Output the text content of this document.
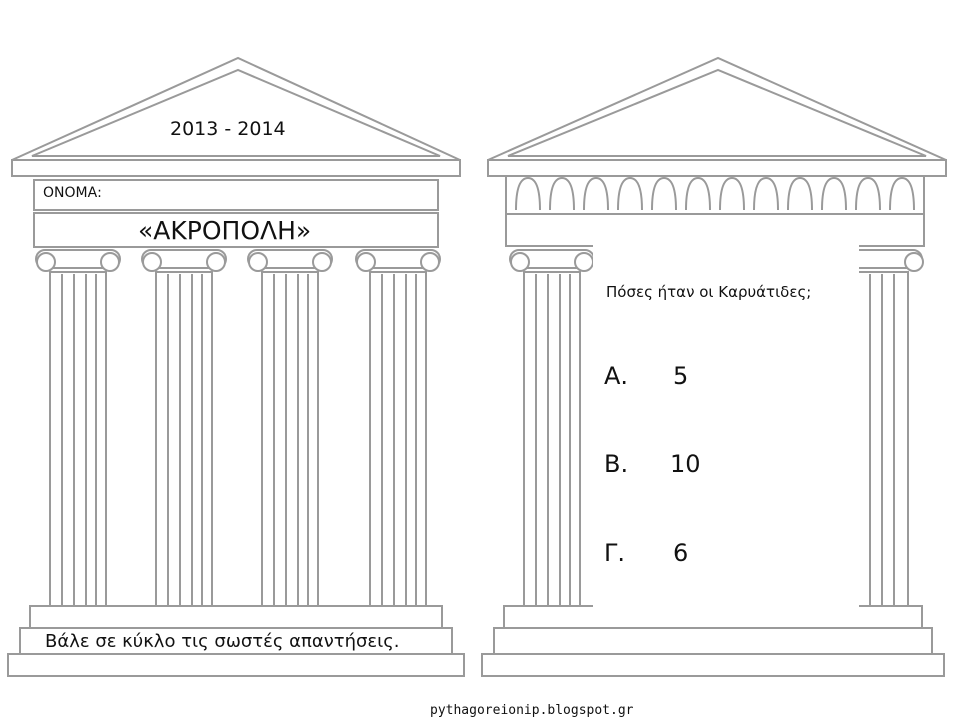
2013 - 2014
ΟΝΟΜΑ:
«ΑΚΡΟΠΟΛΗ»
Βάλε σε κύκλο τις σωστές απαντήσεις.
Πόσες ήταν οι Καρυάτιδες;
Α. 5
Β. 10
Γ. 6
pythagoreionip.blogspot.gr
